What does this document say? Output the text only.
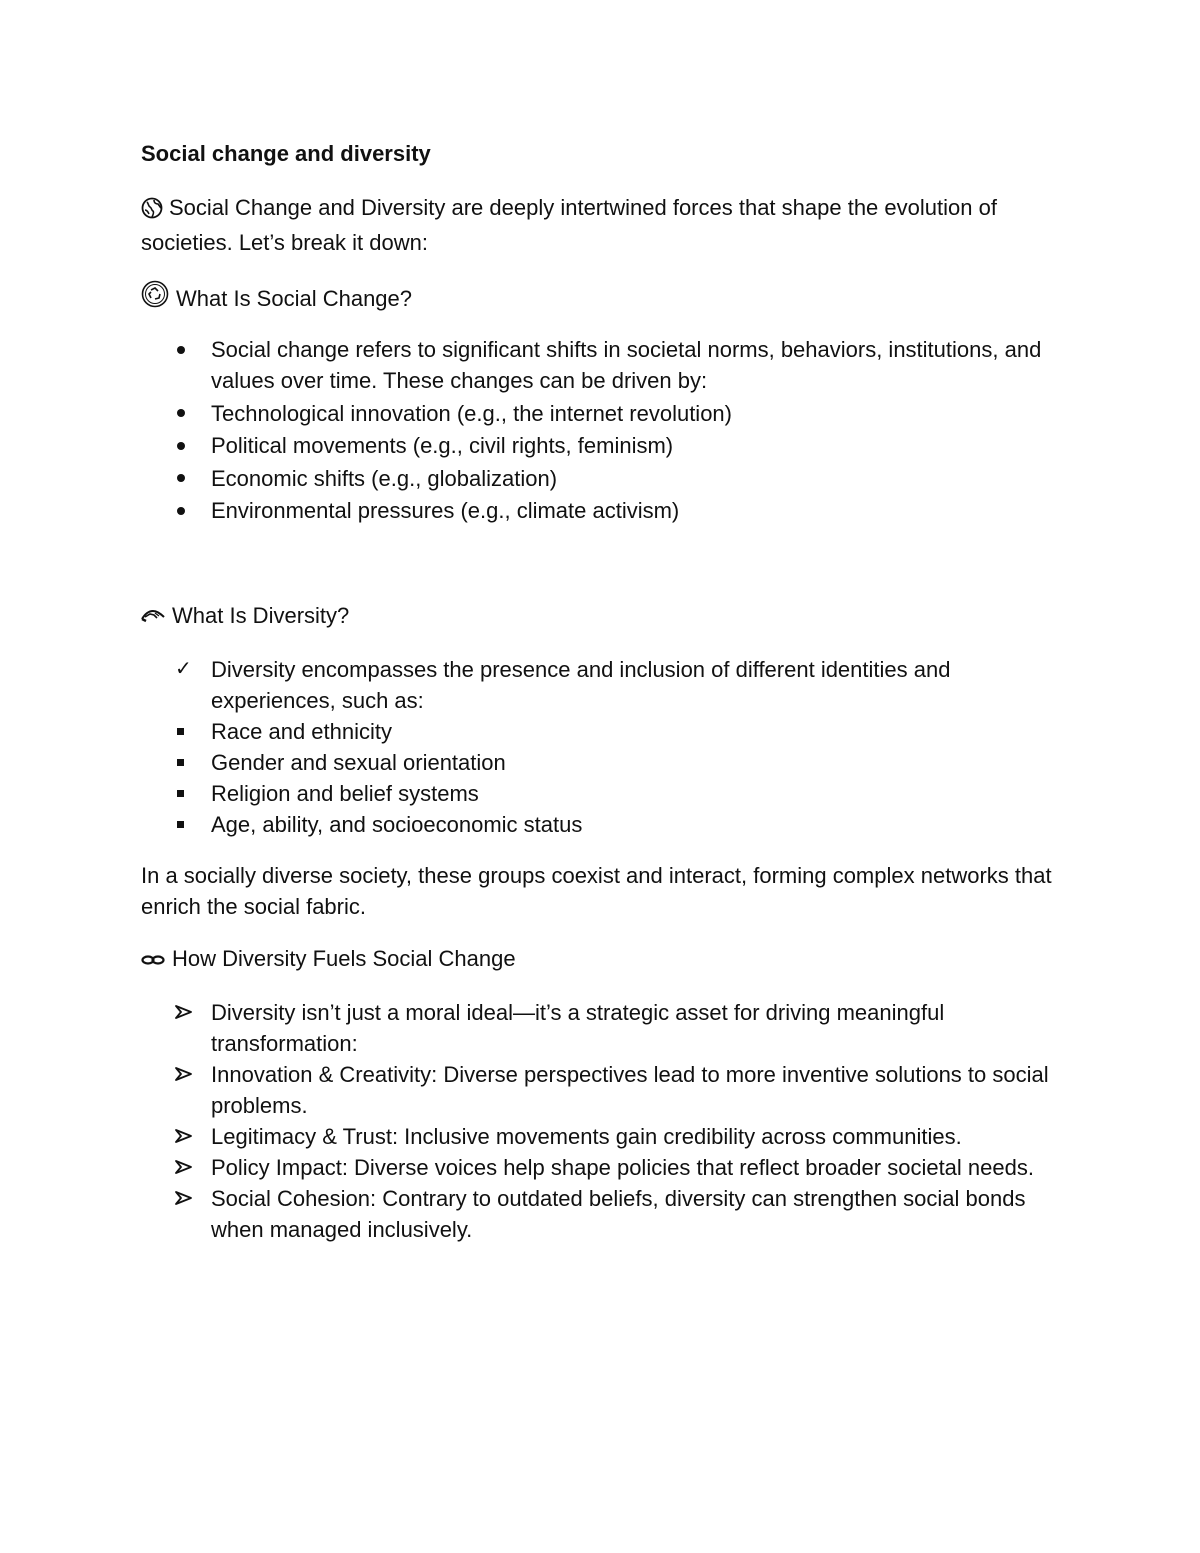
Social change and diversity

Social Change and Diversity are deeply intertwined forces that shape the evolution of societies. Let’s break it down:

What Is Social Change?
Social change refers to significant shifts in societal norms, behaviors, institutions, and values over time. These changes can be driven by:
Technological innovation (e.g., the internet revolution)
Political movements (e.g., civil rights, feminism)
Economic shifts (e.g., globalization)
Environmental pressures (e.g., climate activism)
What Is Diversity?
✓ Diversity encompasses the presence and inclusion of different identities and experiences, such as:
Race and ethnicity
Gender and sexual orientation
Religion and belief systems
Age, ability, and socioeconomic status

In a socially diverse society, these groups coexist and interact, forming complex networks that enrich the social fabric.

How Diversity Fuels Social Change
Diversity isn’t just a moral ideal—it’s a strategic asset for driving meaningful transformation:
Innovation & Creativity: Diverse perspectives lead to more inventive solutions to social problems.
Legitimacy & Trust: Inclusive movements gain credibility across communities.
Policy Impact: Diverse voices help shape policies that reflect broader societal needs.
Social Cohesion: Contrary to outdated beliefs, diversity can strengthen social bonds when managed inclusively.
